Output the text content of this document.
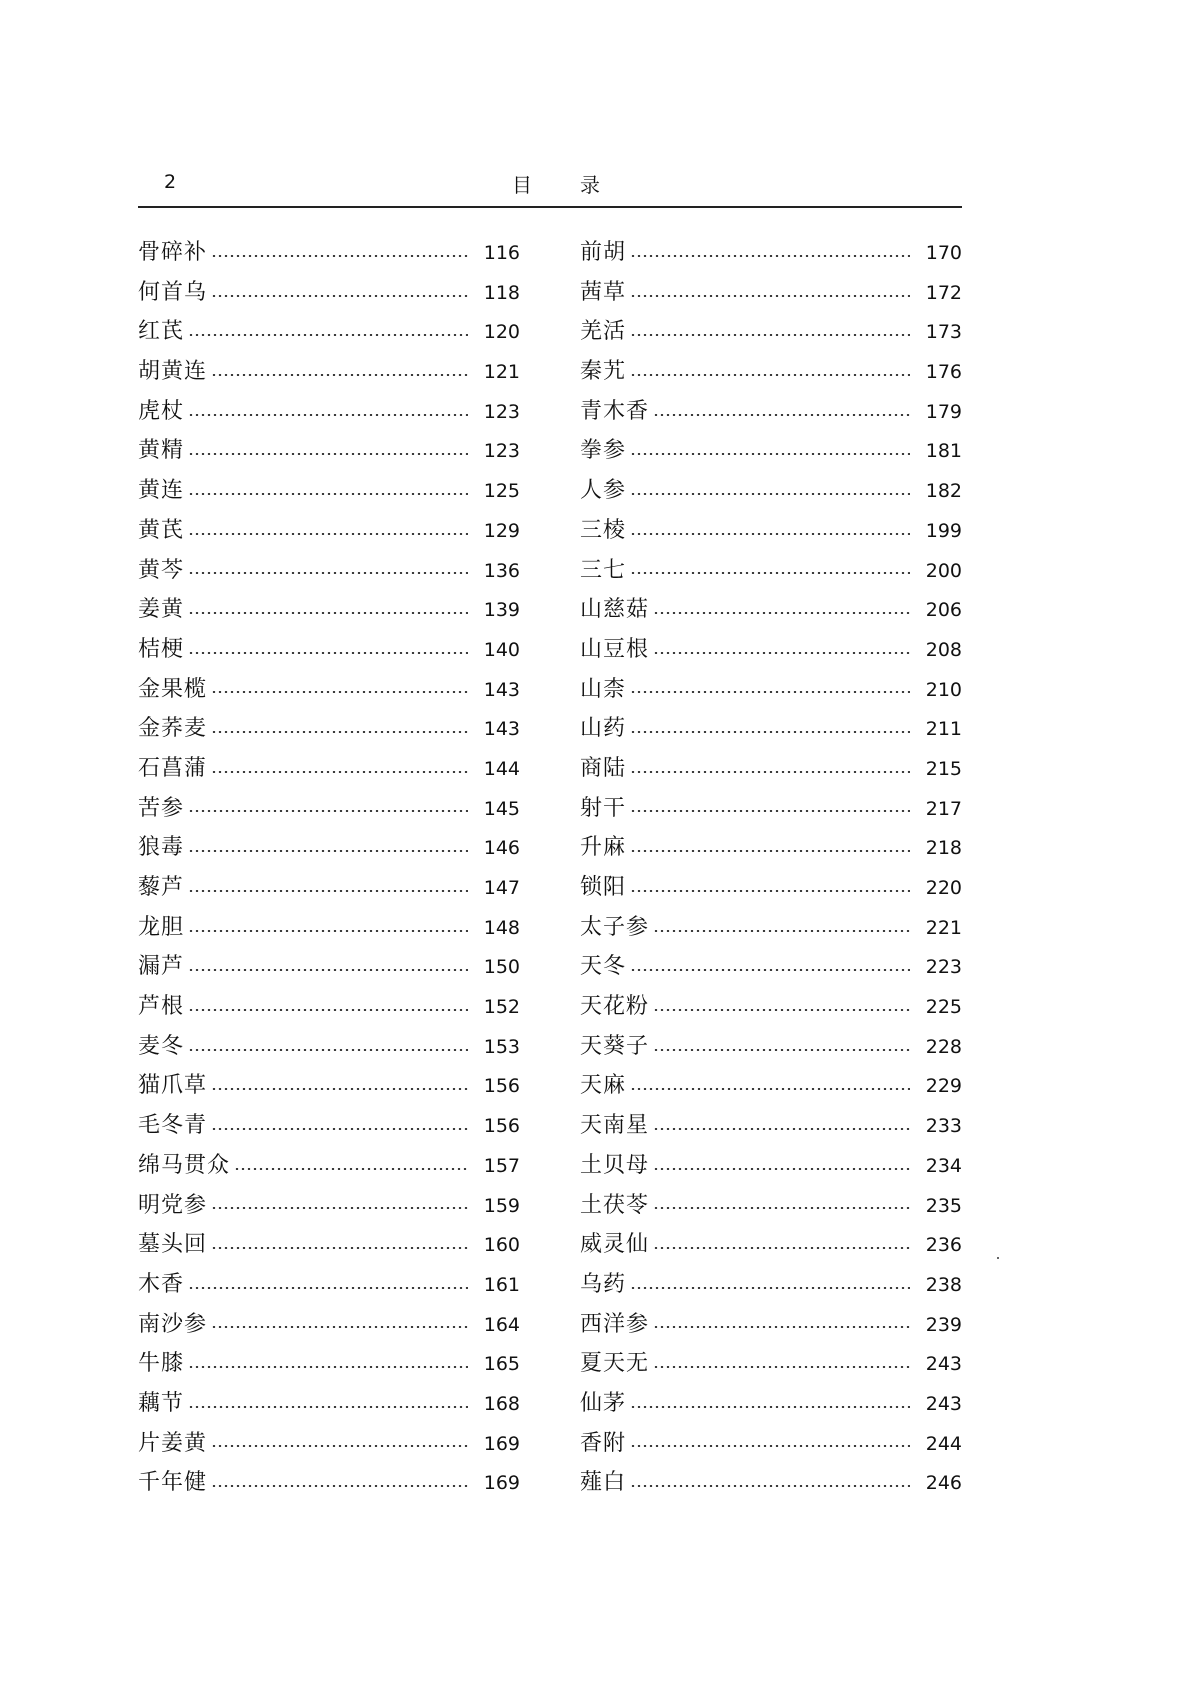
2	目录
骨碎补	116
何首乌	118
红芪	120
胡黄连	121
虎杖	123
黄精	123
黄连	125
黄芪	129
黄芩	136
姜黄	139
桔梗	140
金果榄	143
金荞麦	143
石菖蒲	144
苦参	145
狼毒	146
藜芦	147
龙胆	148
漏芦	150
芦根	152
麦冬	153
猫爪草	156
毛冬青	156
绵马贯众	157
明党参	159
墓头回	160
木香	161
南沙参	164
牛膝	165
藕节	168
片姜黄	169
千年健	169
前胡	170
茜草	172
羌活	173
秦艽	176
青木香	179
拳参	181
人参	182
三棱	199
三七	200
山慈菇	206
山豆根	208
山柰	210
山药	211
商陆	215
射干	217
升麻	218
锁阳	220
太子参	221
天冬	223
天花粉	225
天葵子	228
天麻	229
天南星	233
土贝母	234
土茯苓	235
威灵仙	236
乌药	238
西洋参	239
夏天无	243
仙茅	243
香附	244
薤白	246
